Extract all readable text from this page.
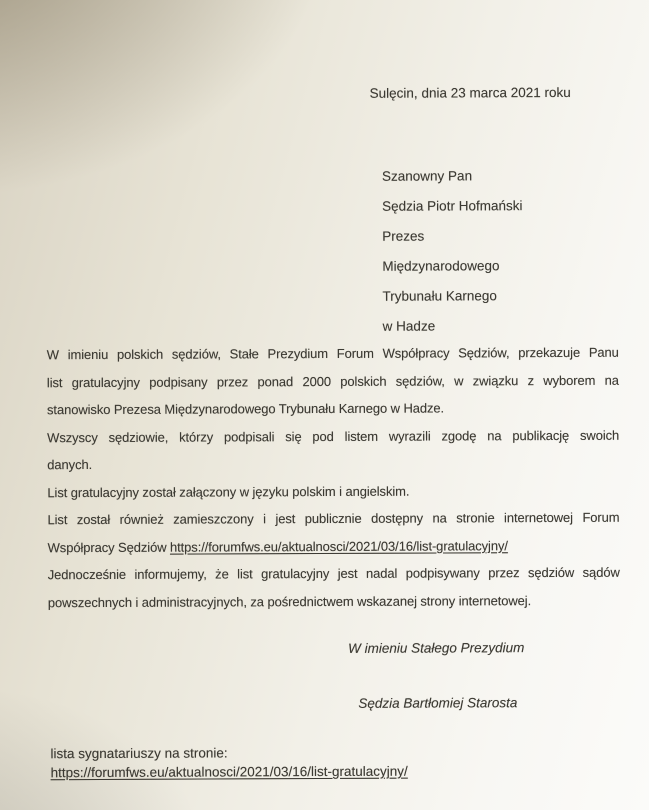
Sulęcin, dnia 23 marca 2021 roku
Szanowny Pan
Sędzia Piotr Hofmański
Prezes
Międzynarodowego
Trybunału Karnego
w Hadze
W imieniu polskich sędziów, Stałe Prezydium Forum Współpracy Sędziów, przekazuje Panu
list gratulacyjny podpisany przez ponad 2000 polskich sędziów, w związku z wyborem na
stanowisko Prezesa Międzynarodowego Trybunału Karnego w Hadze.
Wszyscy sędziowie, którzy podpisali się pod listem wyrazili zgodę na publikację swoich
danych.
List gratulacyjny został załączony w języku polskim i angielskim.
List został również zamieszczony i jest publicznie dostępny na stronie internetowej Forum
Współpracy Sędziów https://forumfws.eu/aktualnosci/2021/03/16/list-gratulacyjny/
Jednocześnie informujemy, że list gratulacyjny jest nadal podpisywany przez sędziów sądów
powszechnych i administracyjnych, za pośrednictwem wskazanej strony internetowej.
W imieniu Stałego Prezydium
Sędzia Bartłomiej Starosta
lista sygnatariuszy na stronie:
https://forumfws.eu/aktualnosci/2021/03/16/list-gratulacyjny/
